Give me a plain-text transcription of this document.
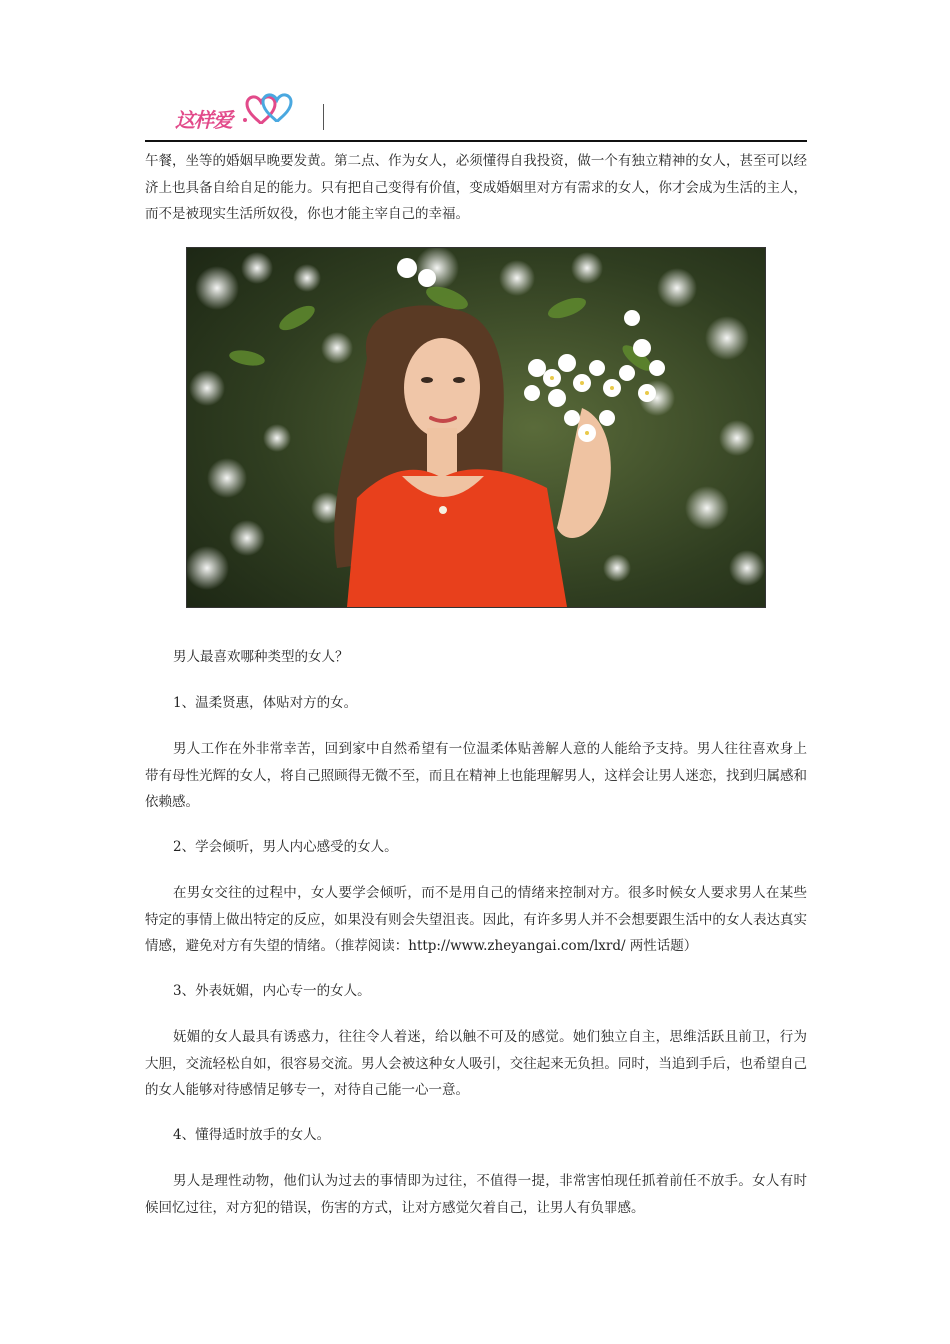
这样爱

午餐，坐等的婚姻早晚要发黄。第二点、作为女人，必须懂得自我投资，做一个有独立精神的女人，甚至可以经济上也具备自给自足的能力。只有把自己变得有价值，变成婚姻里对方有需求的女人，你才会成为生活的主人，而不是被现实生活所奴役，你也才能主宰自己的幸福。

男人最喜欢哪种类型的女人？

1、温柔贤惠，体贴对方的女。

男人工作在外非常幸苦，回到家中自然希望有一位温柔体贴善解人意的人能给予支持。男人往往喜欢身上带有母性光辉的女人，将自己照顾得无微不至，而且在精神上也能理解男人，这样会让男人迷恋，找到归属感和依赖感。

2、学会倾听，男人内心感受的女人。

在男女交往的过程中，女人要学会倾听，而不是用自己的情绪来控制对方。很多时候女人要求男人在某些特定的事情上做出特定的反应，如果没有则会失望沮丧。因此，有许多男人并不会想要跟生活中的女人表达真实情感，避免对方有失望的情绪。（推荐阅读：http://www.zheyangai.com/lxrd/ 两性话题）

3、外表妩媚，内心专一的女人。

妩媚的女人最具有诱惑力，往往令人着迷，给以触不可及的感觉。她们独立自主，思维活跃且前卫，行为大胆，交流轻松自如，很容易交流。男人会被这种女人吸引，交往起来无负担。同时，当追到手后，也希望自己的女人能够对待感情足够专一，对待自己能一心一意。

4、懂得适时放手的女人。

男人是理性动物，他们认为过去的事情即为过往，不值得一提，非常害怕现任抓着前任不放手。女人有时候回忆过往，对方犯的错误，伤害的方式，让对方感觉欠着自己，让男人有负罪感。
